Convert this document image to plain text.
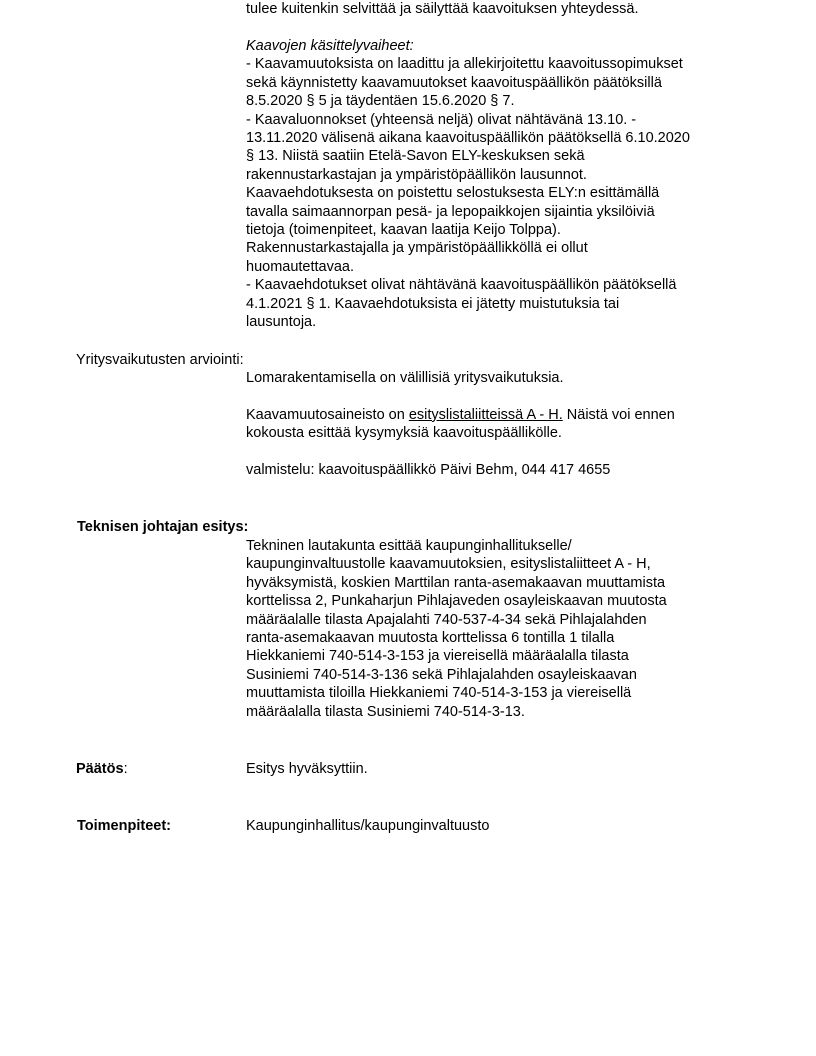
tulee kuitenkin selvittää ja säilyttää kaavoituksen yhteydessä.

Kaavojen käsittelyvaiheet:

- Kaavamuutoksista on laadittu ja allekirjoitettu kaavoitussopimukset

sekä käynnistetty kaavamuutokset kaavoituspäällikön päätöksillä

8.5.2020 § 5 ja täydentäen 15.6.2020 § 7.

- Kaavaluonnokset (yhteensä neljä) olivat nähtävänä 13.10. -

13.11.2020 välisenä aikana kaavoituspäällikön päätöksellä 6.10.2020

§ 13. Niistä saatiin Etelä-Savon ELY-keskuksen sekä

rakennustarkastajan ja ympäristöpäällikön lausunnot.

Kaavaehdotuksesta on poistettu selostuksesta ELY:n esittämällä

tavalla saimaannorpan pesä- ja lepopaikkojen sijaintia yksilöiviä

tietoja (toimenpiteet, kaavan laatija Keijo Tolppa).

Rakennustarkastajalla ja ympäristöpäällikköllä ei ollut

huomautettavaa.

- Kaavaehdotukset olivat nähtävänä kaavoituspäällikön päätöksellä

4.1.2021 § 1. Kaavaehdotuksista ei jätetty muistutuksia tai

lausuntoja.

Yritysvaikutusten arviointi:

Lomarakentamisella on välillisiä yritysvaikutuksia.

Kaavamuutosaineisto on esityslistaliitteissä A - H. Näistä voi ennen

kokousta esittää kysymyksiä kaavoituspäällikölle.

valmistelu: kaavoituspäällikkö Päivi Behm, 044 417 4655

Teknisen johtajan esitys:

Tekninen lautakunta esittää kaupunginhallitukselle/

kaupunginvaltuustolle kaavamuutoksien, esityslistaliitteet A - H,

hyväksymistä, koskien Marttilan ranta-asemakaavan muuttamista

korttelissa 2, Punkaharjun Pihlajaveden osayleiskaavan muutosta

määräalalle tilasta Apajalahti 740-537-4-34 sekä Pihlajalahden

ranta-asemakaavan muutosta korttelissa 6 tontilla 1 tilalla

Hiekkaniemi 740-514-3-153 ja viereisellä määräalalla tilasta

Susiniemi 740-514-3-136 sekä Pihlajalahden osayleiskaavan

muuttamista tiloilla Hiekkaniemi 740-514-3-153 ja viereisellä

määräalalla tilasta Susiniemi 740-514-3-13.

Päätös:	Esitys hyväksyttiin.
Toimenpiteet:	Kaupunginhallitus/kaupunginvaltuusto
